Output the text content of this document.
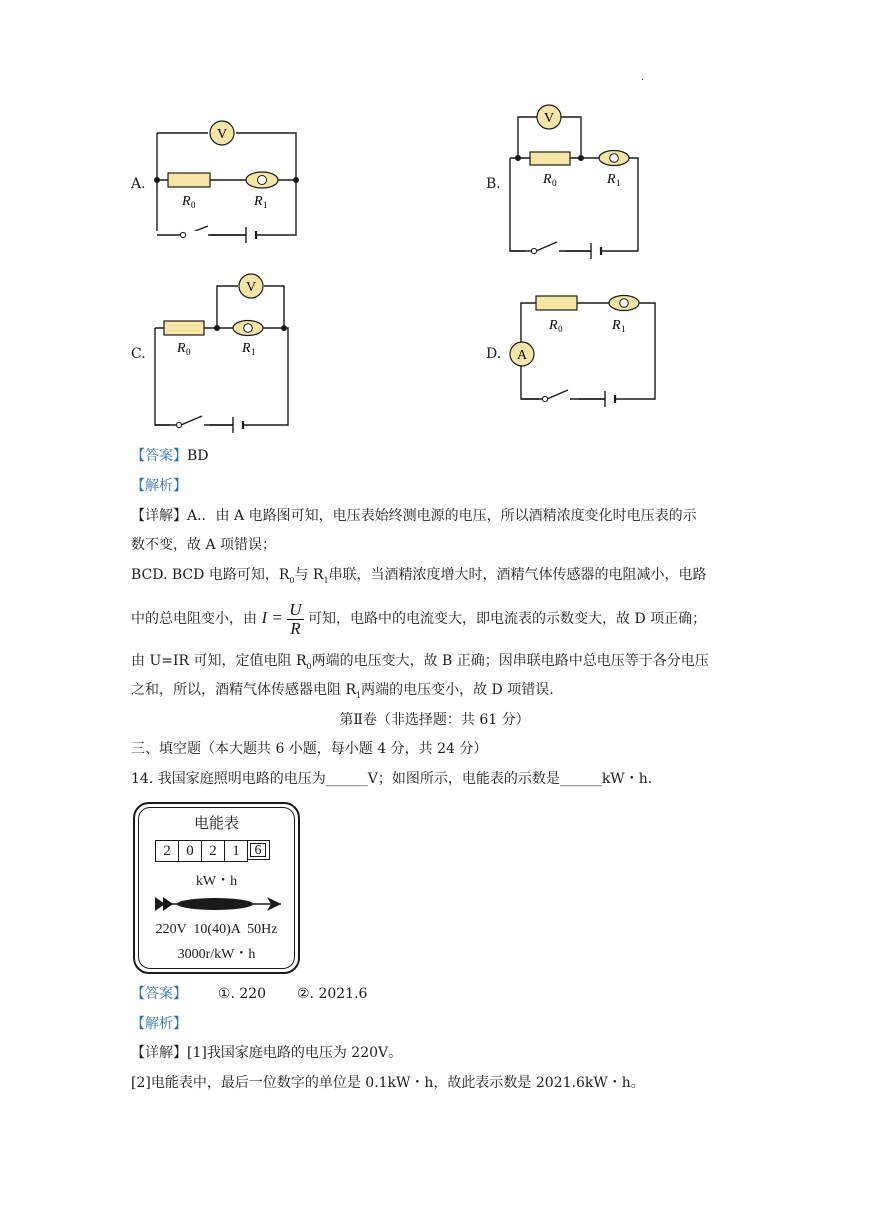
.
A.
V
R 0	R 1
B.
V
R 0	R 1
C.
V
R 0	R 1	D. A
R 0	R 1
【答案】BD
【解析】
【详解】A.．由 A 电路图可知，电压表始终测电源的电压，所以酒精浓度变化时电压表的示
数不变，故 A 项错误；
BCD. BCD 电路可知，$R_0$与 $R_1$串联，当酒精浓度增大时，酒精气体传感器的电阻减小，电路
中的总电阻变小，由 $I = \frac{U}{R}$ 可知，电路中的电流变大，即电流表的示数变大，故 D 项正确；
由 U=IR 可知，定值电阻 $R_0$两端的电压变大，故 B 正确；因串联电路中总电压等于各分电压
之和，所以，酒精气体传感器电阻 $R_1$两端的电压变小，故 D 项错误.
第Ⅱ卷（非选择题：共 61 分）
三、填空题（本大题共 6 小题，每小题 4 分，共 24 分）
14. 我国家庭照明电路的电压为______V；如图所示，电能表的示数是______kW・h.
电能表
2	0	2	1	6
kW・h
220V  10(40)A  50Hz
3000r/kW・h
【答案】 ①. 220 ②. 2021.6
【解析】
【详解】[1]我国家庭电路的电压为 220V。
[2]电能表中，最后一位数字的单位是 0.1kW・h，故此表示数是 2021.6kW・h。
